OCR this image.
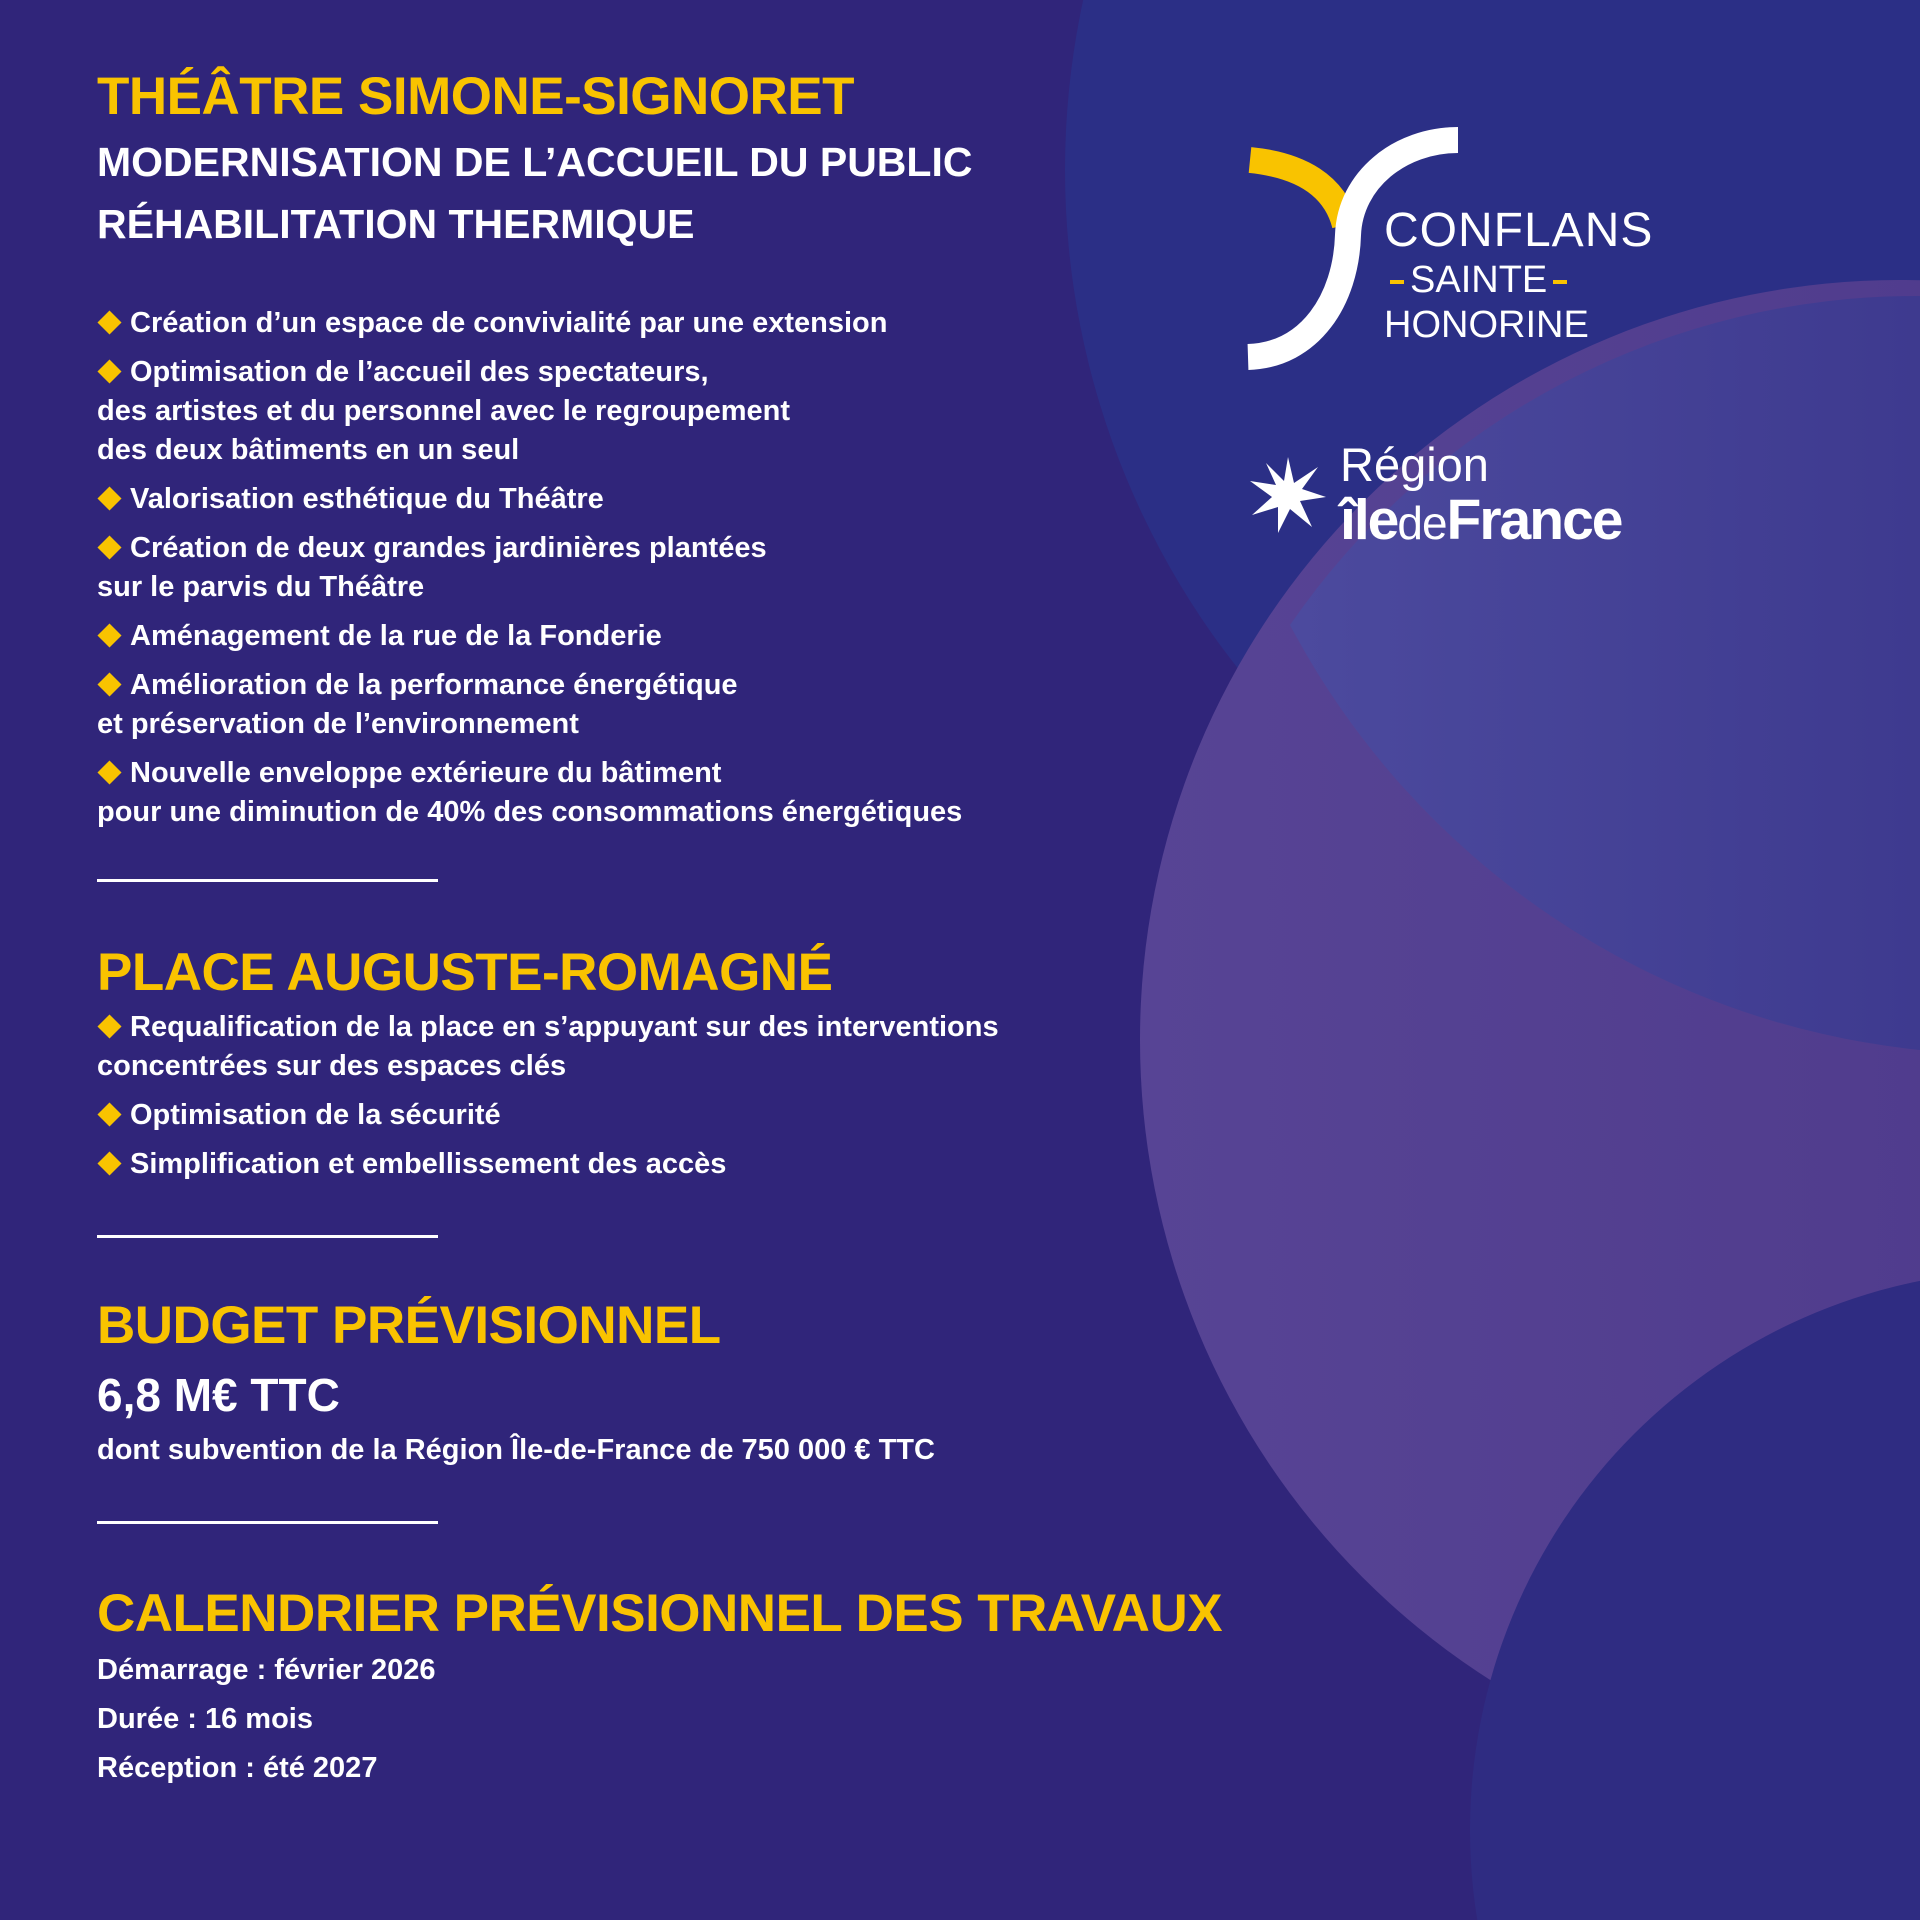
CONFLANS
SAINTE
HONORINE
Région
îledeFrance
THÉÂTRE SIMONE-SIGNORET

MODERNISATION DE L’ACCUEIL DU PUBLIC

RÉHABILITATION THERMIQUE

Création d’un espace de convivialité par une extension
Optimisation de l’accueil des spectateurs,
des artistes et du personnel avec le regroupement
des deux bâtiments en un seul
Valorisation esthétique du Théâtre
Création de deux grandes jardinières plantées
sur le parvis du Théâtre
Aménagement de la rue de la Fonderie
Amélioration de la performance énergétique
et préservation de l’environnement
Nouvelle enveloppe extérieure du bâtiment
pour une diminution de 40% des consommations énergétiques
PLACE AUGUSTE-ROMAGNÉ
Requalification de la place en s’appuyant sur des interventions
concentrées sur des espaces clés
Optimisation de la sécurité
Simplification et embellissement des accès
BUDGET PRÉVISIONNEL

6,8 M€ TTC

dont subvention de la Région Île-de-France de 750 000 € TTC

CALENDRIER PRÉVISIONNEL DES TRAVAUX

Démarrage : février 2026

Durée : 16 mois

Réception : été 2027
